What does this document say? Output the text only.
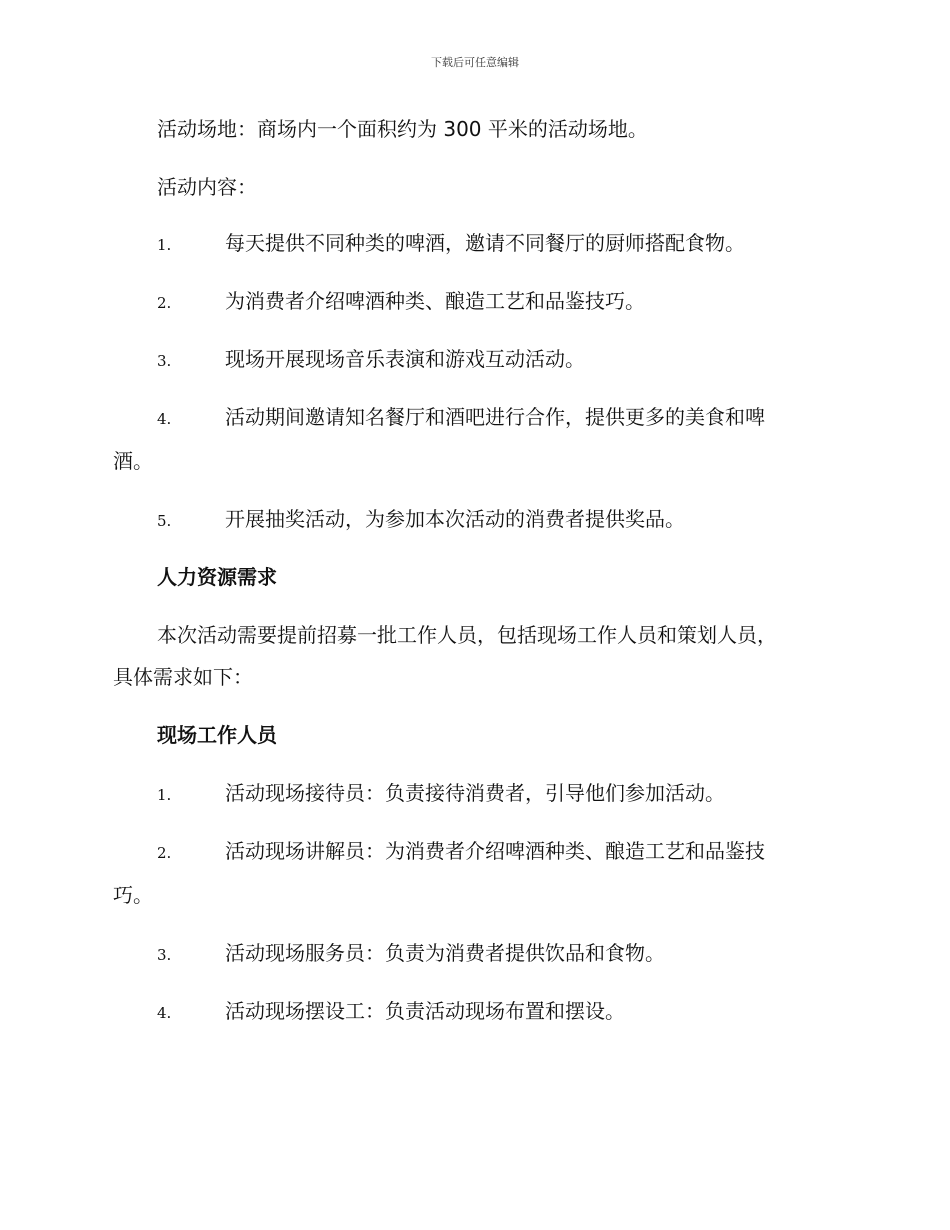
下载后可任意编辑
活动场地：商场内一个面积约为 300 平米的活动场地。
活动内容：
1.	每天提供不同种类的啤酒，邀请不同餐厅的厨师搭配食物。
2.	为消费者介绍啤酒种类、酿造工艺和品鉴技巧。
3.	现场开展现场音乐表演和游戏互动活动。
4.	活动期间邀请知名餐厅和酒吧进行合作，提供更多的美食和啤
酒。
5.	开展抽奖活动，为参加本次活动的消费者提供奖品。
人力资源需求
本次活动需要提前招募一批工作人员，包括现场工作人员和策划人员，
具体需求如下：
现场工作人员
1.	活动现场接待员：负责接待消费者，引导他们参加活动。
2.	活动现场讲解员：为消费者介绍啤酒种类、酿造工艺和品鉴技
巧。
3.	活动现场服务员：负责为消费者提供饮品和食物。
4.	活动现场摆设工：负责活动现场布置和摆设。
